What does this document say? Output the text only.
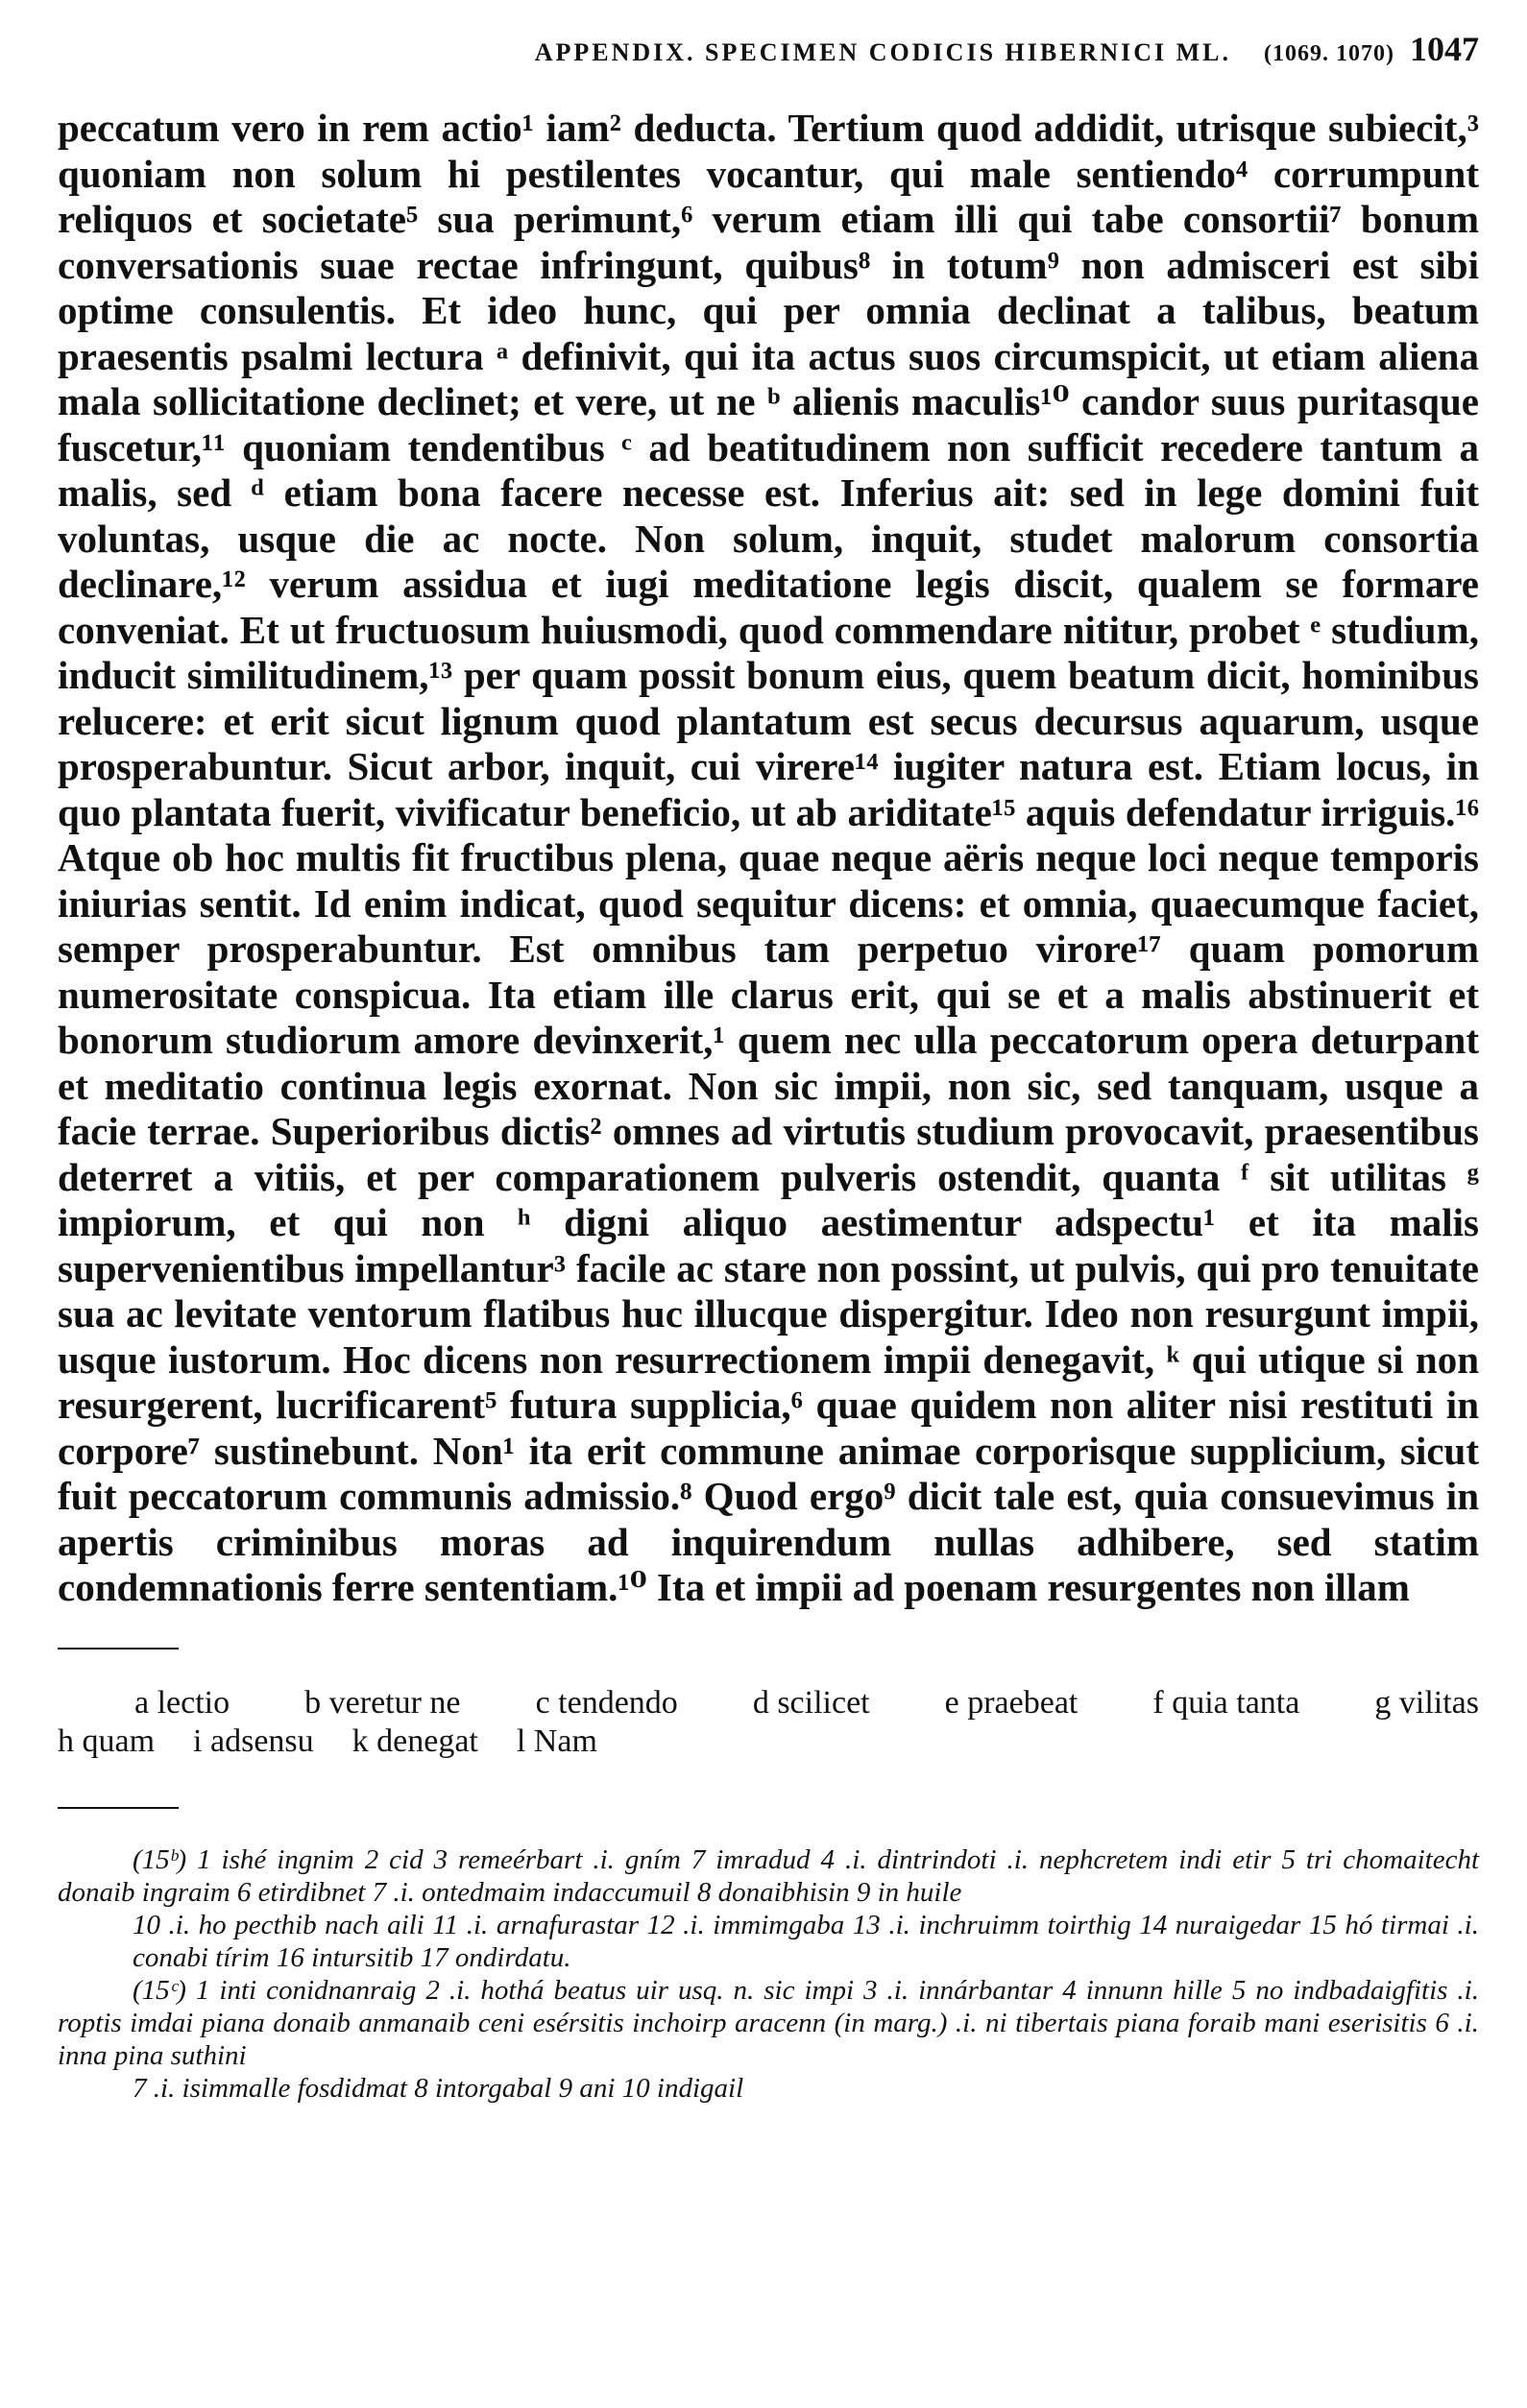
APPENDIX. SPECIMEN CODICIS HIBERNICI ML. (1069. 1070) 1047

peccatum vero in rem actio¹ iam² deducta. Tertium quod addidit, utrisque subiecit,³ quoniam non solum hi pestilentes vocantur, qui male sentiendo⁴ corrumpunt reliquos et societate⁵ sua perimunt,⁶ verum etiam illi qui tabe consortii⁷ bonum conversationis suae rectae infringunt, quibus⁸ in totum⁹ non admisceri est sibi optime consulentis. Et ideo hunc, qui per omnia declinat a talibus, beatum praesentis psalmi lectura ᵃ definivit, qui ita actus suos circumspicit, ut etiam aliena mala sollicitatione declinet; et vere, ut ne ᵇ alienis maculis¹⁰ candor suus puritasque fuscetur,¹¹ quoniam tendentibus ᶜ ad beatitudinem non sufficit recedere tantum a malis, sed ᵈ etiam bona facere necesse est. Inferius ait: sed in lege domini fuit voluntas, usque die ac nocte. Non solum, inquit, studet malorum consortia declinare,¹² verum assidua et iugi meditatione legis discit, qualem se formare conveniat. Et ut fructuosum huiusmodi, quod commendare nititur, probet ᵉ studium, inducit similitudinem,¹³ per quam possit bonum eius, quem beatum dicit, hominibus relucere: et erit sicut lignum quod plantatum est secus decursus aquarum, usque prosperabuntur. Sicut arbor, inquit, cui virere¹⁴ iugiter natura est. Etiam locus, in quo plantata fuerit, vivificatur beneficio, ut ab ariditate¹⁵ aquis defendatur irriguis.¹⁶ Atque ob hoc multis fit fructibus plena, quae neque aëris neque loci neque temporis iniurias sentit. Id enim indicat, quod sequitur dicens: et omnia, quaecumque faciet, semper prosperabuntur. Est omnibus tam perpetuo virore¹⁷ quam pomorum numerositate conspicua. Ita etiam ille clarus erit, qui se et a malis abstinuerit et bonorum studiorum amore devinxerit,¹ quem nec ulla peccatorum opera deturpant et meditatio continua legis exornat. Non sic impii, non sic, sed tanquam, usque a facie terrae. Superioribus dictis² omnes ad virtutis studium provocavit, praesentibus deterret a vitiis, et per comparationem pulveris ostendit, quanta ᶠ sit utilitas ᵍ impiorum, et qui non ʰ digni aliquo aestimentur adspectu¹ et ita malis supervenientibus impellantur³ facile ac stare non possint, ut pulvis, qui pro tenuitate sua ac levitate ventorum flatibus huc illucque dispergitur. Ideo non resurgunt impii, usque iustorum. Hoc dicens non resurrectionem impii denegavit, ᵏ qui utique si non resurgerent, lucrificarent⁵ futura supplicia,⁶ quae quidem non aliter nisi restituti in corpore⁷ sustinebunt. Non¹ ita erit commune animae corporisque supplicium, sicut fuit peccatorum communis admissio.⁸ Quod ergo⁹ dicit tale est, quia consuevimus in apertis criminibus moras ad inquirendum nullas adhibere, sed statim condemnationis ferre sententiam.¹⁰ Ita et impii ad poenam resurgentes non illam

a lectio b veretur ne c tendendo d scilicet e praebeat f quia tanta g vilitas
h quam i adsensu k denegat l Nam

(15ᵇ) 1 ishé ingnim 2 cid 3 remeérbart .i. gním 7 imradud 4 .i. dintrindoti .i. nephcretem indi etir 5 tri chomaitecht donaib ingraim 6 etirdibnet 7 .i. ontedmaim indaccumuil 8 donaibhisin 9 in huile

10 .i. ho pecthib nach aili 11 .i. arnafurastar 12 .i. immimgaba 13 .i. inchruimm toirthig 14 nuraigedar 15 hó tirmai .i. conabi tírim 16 intursitib 17 ondirdatu.

(15ᶜ) 1 inti conidnanraig 2 .i. hothá beatus uir usq. n. sic impi 3 .i. innárbantar 4 innunn hille 5 no indbadaigfitis .i. roptis imdai piana donaib anmanaib ceni esérsitis inchoirp aracenn (in marg.) .i. ni tibertais piana foraib mani eserisitis 6 .i. inna pina suthini

7 .i. isimmalle fosdidmat 8 intorgabal 9 ani 10 indigail
